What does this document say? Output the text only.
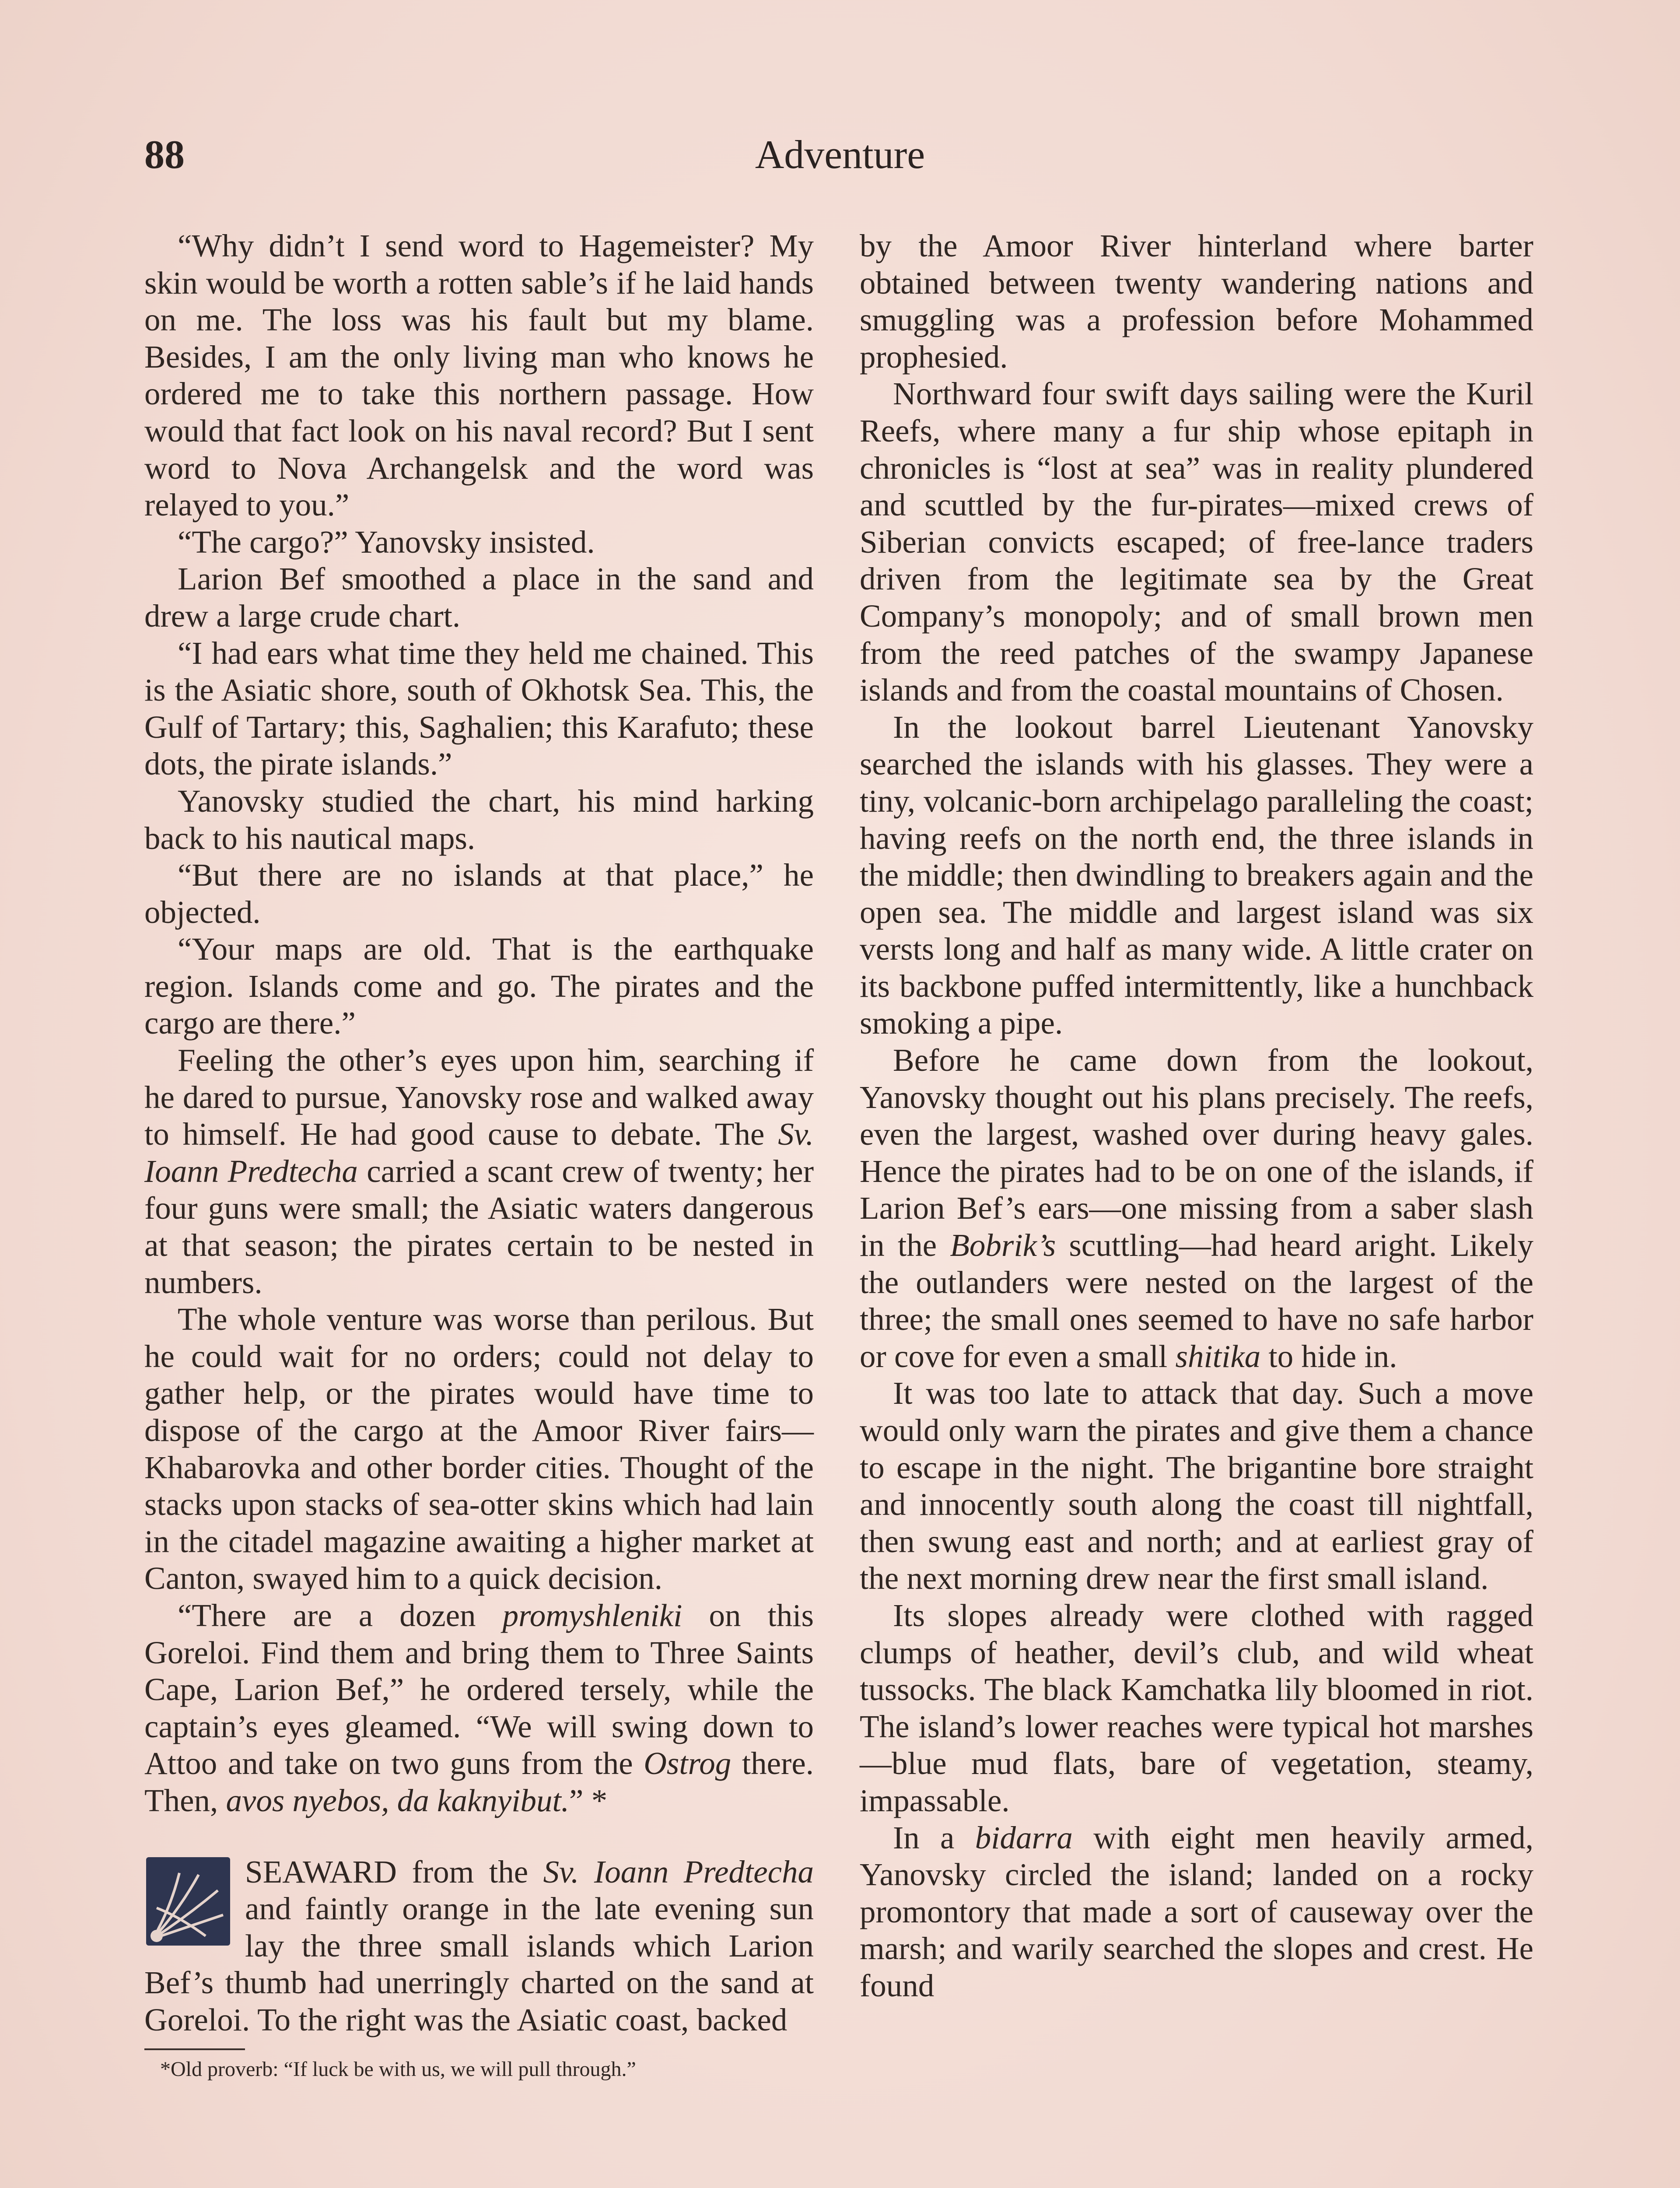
88	Adventure

“Why didn’t I send word to Hagemeister? My skin would be worth a rotten sable’s if he laid hands on me. The loss was his fault but my blame. Besides, I am the only living man who knows he ordered me to take this northern passage. How would that fact look on his naval record? But I sent word to Nova Archangelsk and the word was relayed to you.”

“The cargo?” Yanovsky insisted.

Larion Bef smoothed a place in the sand and drew a large crude chart.

“I had ears what time they held me chained. This is the Asiatic shore, south of Okhotsk Sea. This, the Gulf of Tartary; this, Saghalien; this Karafuto; these dots, the pirate islands.”

Yanovsky studied the chart, his mind harking back to his nautical maps.

“But there are no islands at that place,” he objected.

“Your maps are old. That is the earthquake region. Islands come and go. The pirates and the cargo are there.”

Feeling the other’s eyes upon him, searching if he dared to pursue, Yanovsky rose and walked away to himself. He had good cause to debate. The Sv. Ioann Predtecha carried a scant crew of twenty; her four guns were small; the Asiatic waters dangerous at that season; the pirates certain to be nested in numbers.

The whole venture was worse than perilous. But he could wait for no orders; could not delay to gather help, or the pirates would have time to dispose of the cargo at the Amoor River fairs—Khabarovka and other border cities. Thought of the stacks upon stacks of sea-otter skins which had lain in the citadel magazine awaiting a higher market at Canton, swayed him to a quick decision.

“There are a dozen promyshleniki on this Goreloi. Find them and bring them to Three Saints Cape, Larion Bef,” he ordered tersely, while the captain’s eyes gleamed. “We will swing down to Attoo and take on two guns from the Ostrog there. Then, avos nyebos, da kaknyibut.” *

SEAWARD from the Sv. Ioann Predtecha and faintly orange in the late evening sun lay the three small islands which Larion Bef’s thumb had unerringly charted on the sand at Goreloi. To the right was the Asiatic coast, backed

*Old proverb: “If luck be with us, we will pull through.”

by the Amoor River hinterland where barter obtained between twenty wandering nations and smuggling was a profession before Mohammed prophesied.

Northward four swift days sailing were the Kuril Reefs, where many a fur ship whose epitaph in chronicles is “lost at sea” was in reality plundered and scuttled by the fur-pirates—mixed crews of Siberian convicts escaped; of free-lance traders driven from the legitimate sea by the Great Company’s monopoly; and of small brown men from the reed patches of the swampy Japanese islands and from the coastal mountains of Chosen.

In the lookout barrel Lieutenant Yanovsky searched the islands with his glasses. They were a tiny, volcanic-born archipelago paralleling the coast; having reefs on the north end, the three islands in the middle; then dwindling to breakers again and the open sea. The middle and largest island was six versts long and half as many wide. A little crater on its backbone puffed intermittently, like a hunchback smoking a pipe.

Before he came down from the lookout, Yanovsky thought out his plans precisely. The reefs, even the largest, washed over during heavy gales. Hence the pirates had to be on one of the islands, if Larion Bef’s ears—one missing from a saber slash in the Bobrik’s scuttling—had heard aright. Likely the outlanders were nested on the largest of the three; the small ones seemed to have no safe harbor or cove for even a small shitika to hide in.

It was too late to attack that day. Such a move would only warn the pirates and give them a chance to escape in the night. The brigantine bore straight and innocently south along the coast till nightfall, then swung east and north; and at earliest gray of the next morning drew near the first small island.

Its slopes already were clothed with ragged clumps of heather, devil’s club, and wild wheat tussocks. The black Kamchatka lily bloomed in riot. The island’s lower reaches were typical hot marshes—blue mud flats, bare of vegetation, steamy, impassable.

In a bidarra with eight men heavily armed, Yanovsky circled the island; landed on a rocky promontory that made a sort of causeway over the marsh; and warily searched the slopes and crest. He found
